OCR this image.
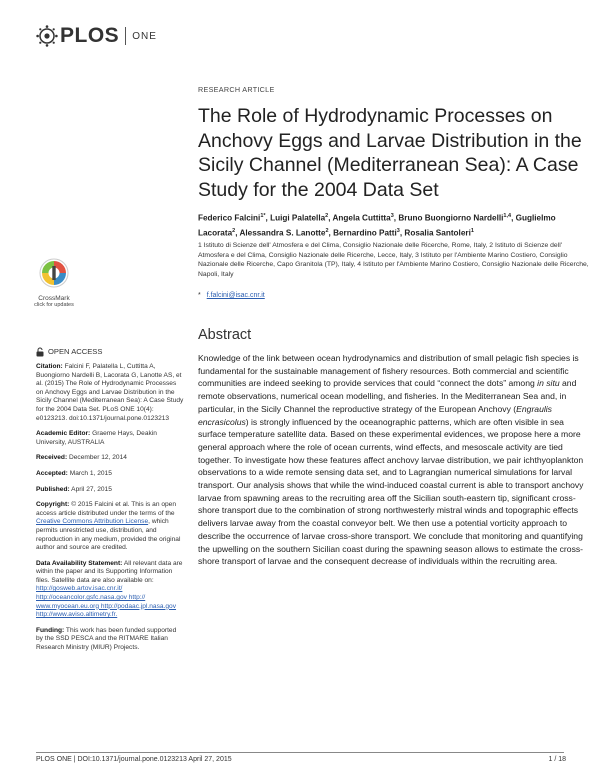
PLOS ONE
CrossMark
click for updates
RESEARCH ARTICLE
The Role of Hydrodynamic Processes on Anchovy Eggs and Larvae Distribution in the Sicily Channel (Mediterranean Sea): A Case Study for the 2004 Data Set
Federico Falcini$^{1*}$, Luigi Palatella$^2$, Angela Cuttitta$^3$, Bruno Buongiorno Nardelli$^{1,4}$, Guglielmo Lacorata$^2$, Alessandra S. Lanotte$^2$, Bernardino Patti$^3$, Rosalia Santoleri$^1$
1 Istituto di Scienze dell' Atmosfera e del Clima, Consiglio Nazionale delle Ricerche, Rome, Italy, 2 Istituto di Scienze dell' Atmosfera e del Clima, Consiglio Nazionale delle Ricerche, Lecce, Italy, 3 Istituto per l'Ambiente Marino Costiero, Consiglio Nazionale delle Ricerche, Capo Granitola (TP), Italy, 4 Istituto per l'Ambiente Marino Costiero, Consiglio Nazionale delle Ricerche, Napoli, Italy
* f.falcini@isac.cnr.it
Abstract

Knowledge of the link between ocean hydrodynamics and distribution of small pelagic fish species is fundamental for the sustainable management of fishery resources. Both commercial and scientific communities are indeed seeking to provide services that could “connect the dots” among in situ and remote observations, numerical ocean modelling, and fisheries. In the Mediterranean Sea and, in particular, in the Sicily Channel the reproductive strategy of the European Anchovy (Engraulis encrasicolus) is strongly influenced by the oceanographic patterns, which are often visible in sea surface temperature satellite data. Based on these experimental evidences, we propose here a more general approach where the role of ocean currents, wind effects, and mesoscale activity are tied together. To investigate how these features affect anchovy larvae distribution, we pair ichthyoplankton observations to a wide remote sensing data set, and to Lagrangian numerical simulations for larval transport. Our analysis shows that while the wind-induced coastal current is able to transport anchovy larvae from spawning areas to the recruiting area off the Sicilian south-eastern tip, significant cross-shore transport due to the combination of strong northwesterly mistral winds and topographic effects delivers larvae away from the coastal conveyor belt. We then use a potential vorticity approach to describe the occurrence of larvae cross-shore transport. We conclude that monitoring and quantifying the upwelling on the southern Sicilian coast during the spawning season allows to estimate the cross-shore transport of larvae and the consequent decrease of individuals within the recruiting area.

OPEN ACCESS

Citation: Falcini F, Palatella L, Cuttitta A, Buongiorno Nardelli B, Lacorata G, Lanotte AS, et al. (2015) The Role of Hydrodynamic Processes on Anchovy Eggs and Larvae Distribution in the Sicily Channel (Mediterranean Sea): A Case Study for the 2004 Data Set. PLoS ONE 10(4): e0123213. doi:10.1371/journal.pone.0123213

Academic Editor: Graeme Hays, Deakin University, AUSTRALIA

Received: December 12, 2014

Accepted: March 1, 2015

Published: April 27, 2015

Copyright: © 2015 Falcini et al. This is an open access article distributed under the terms of the Creative Commons Attribution License, which permits unrestricted use, distribution, and reproduction in any medium, provided the original author and source are credited.

Data Availability Statement: All relevant data are within the paper and its Supporting Information files. Satellite data are also available on: http://gosweb.artov.isac.cnr.it/ http://oceancolor.gsfc.nasa.gov http:// www.myocean.eu.org http://podaac.jpl.nasa.gov http://www.aviso.altimetry.fr.

Funding: This work has been funded supported by the SSD PESCA and the RITMARE Italian Research Ministry (MIUR) Projects.

PLOS ONE | DOI:10.1371/journal.pone.0123213 April 27, 2015	1 / 18
